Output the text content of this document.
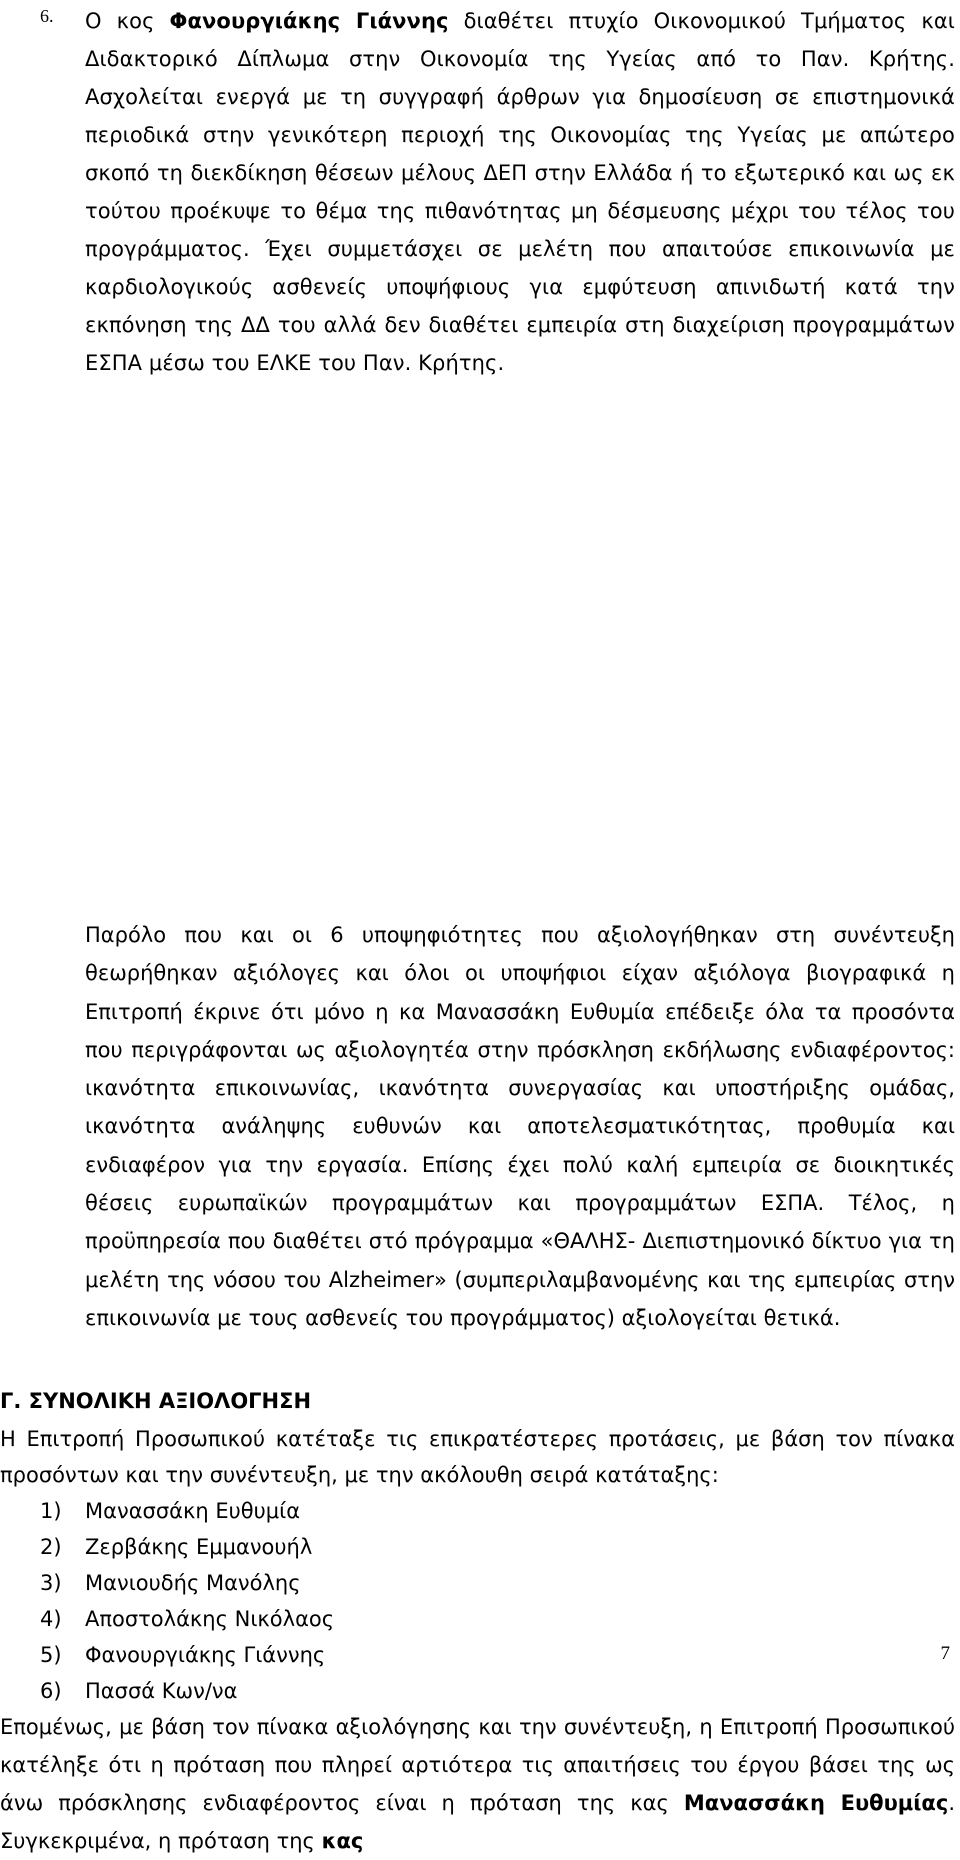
6. Ο κος Φανουργιάκης Γιάννης διαθέτει πτυχίο Οικονομικού Τμήματος και Διδακτορικό Δίπλωμα στην Οικονομία της Υγείας από το Παν. Κρήτης. Ασχολείται ενεργά με τη συγγραφή άρθρων για δημοσίευση σε επιστημονικά περιοδικά στην γενικότερη περιοχή της Οικονομίας της Υγείας με απώτερο σκοπό τη διεκδίκηση θέσεων μέλους ΔΕΠ στην Ελλάδα ή το εξωτερικό και ως εκ τούτου προέκυψε το θέμα της πιθανότητας μη δέσμευσης μέχρι του τέλος του προγράμματος. Έχει συμμετάσχει σε μελέτη που απαιτούσε επικοινωνία με καρδιολογικούς ασθενείς υποψήφιους για εμφύτευση απινιδωτή κατά την εκπόνηση της ΔΔ του αλλά δεν διαθέτει εμπειρία στη διαχείριση προγραμμάτων ΕΣΠΑ μέσω του ΕΛΚΕ του Παν. Κρήτης.

Παρόλο που και οι 6 υποψηφιότητες που αξιολογήθηκαν στη συνέντευξη θεωρήθηκαν αξιόλογες και όλοι οι υποψήφιοι είχαν αξιόλογα βιογραφικά η Επιτροπή έκρινε ότι μόνο η κα Μανασσάκη Ευθυμία επέδειξε όλα τα προσόντα που περιγράφονται ως αξιολογητέα στην πρόσκληση εκδήλωσης ενδιαφέροντος: ικανότητα επικοινωνίας, ικανότητα συνεργασίας και υποστήριξης ομάδας, ικανότητα ανάληψης ευθυνών και αποτελεσματικότητας, προθυμία και ενδιαφέρον για την εργασία. Επίσης έχει πολύ καλή εμπειρία σε διοικητικές θέσεις ευρωπαϊκών προγραμμάτων και προγραμμάτων ΕΣΠΑ. Τέλος, η προϋπηρεσία που διαθέτει στό πρόγραμμα «ΘΑΛΗΣ- Διεπιστημονικό δίκτυο για τη μελέτη της νόσου του Alzheimer» (συμπεριλαμβανομένης και της εμπειρίας στην επικοινωνία με τους ασθενείς του προγράμματος) αξιολογείται θετικά.

Γ. ΣΥΝΟΛΙΚΗ ΑΞΙΟΛΟΓΗΣΗ

Η Επιτροπή Προσωπικού κατέταξε τις επικρατέστερες προτάσεις, με βάση τον πίνακα προσόντων και την συνέντευξη, με την ακόλουθη σειρά κατάταξης:

1)	Μανασσάκη Ευθυμία
2)	Ζερβάκης Εμμανουήλ
3)	Μανιουδής Μανόλης
4)	Αποστολάκης Νικόλαος
5)	Φανουργιάκης Γιάννης
6)	Πασσά Κων/να

Επομένως, με βάση τον πίνακα αξιολόγησης και την συνέντευξη, η Επιτροπή Προσωπικού κατέληξε ότι η πρόταση που πληρεί αρτιότερα τις απαιτήσεις του έργου βάσει της ως άνω πρόσκλησης ενδιαφέροντος είναι η πρόταση της κας Μανασσάκη Ευθυμίας. Συγκεκριμένα, η πρόταση της κας

7
